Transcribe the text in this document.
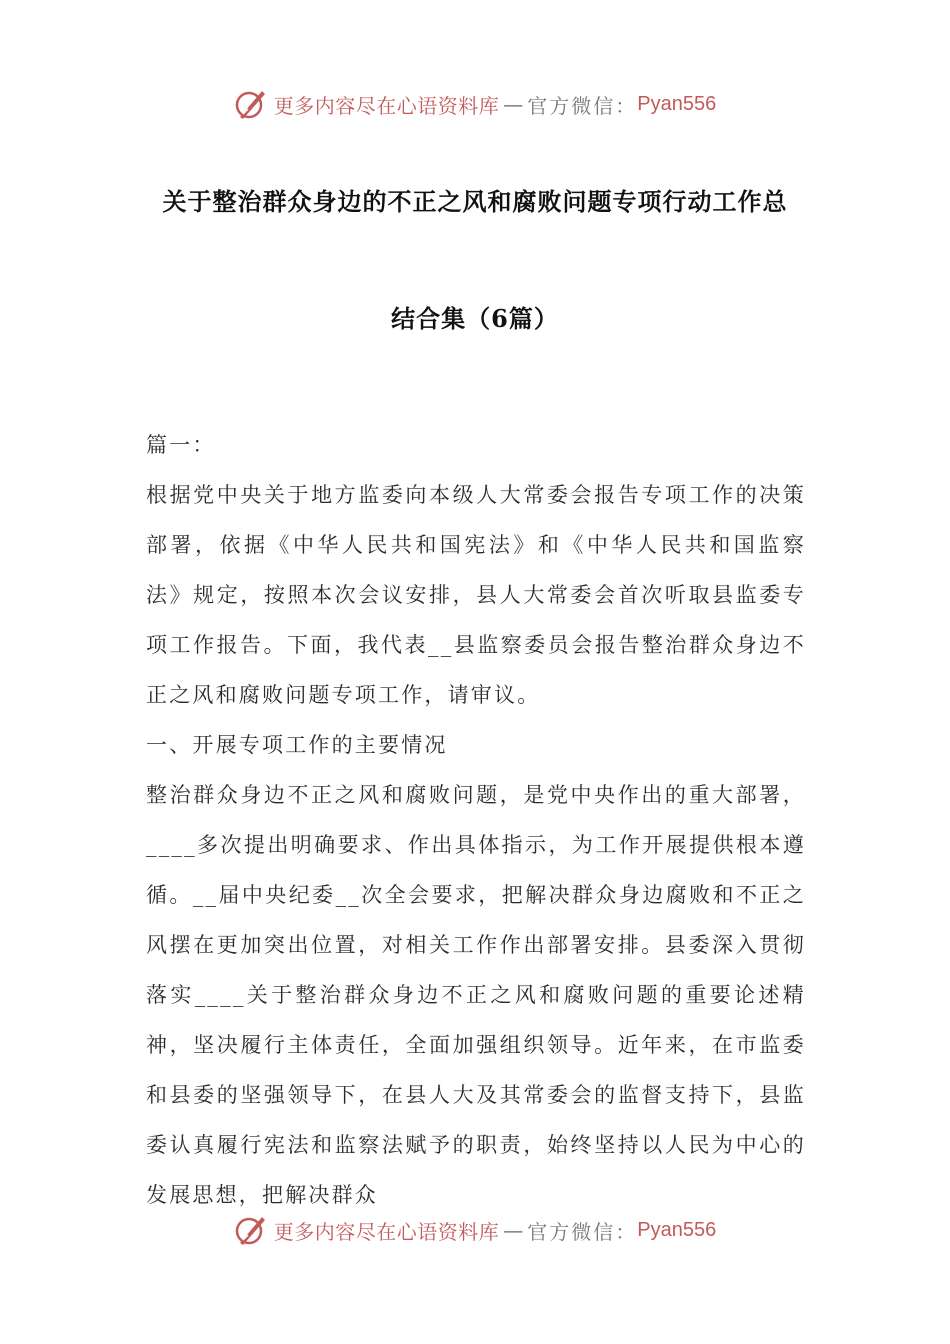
更多内容尽在心语资料库 — 官方微信： Pyan556
关于整治群众身边的不正之风和腐败问题专项行动工作总
结合集（6篇）

篇一：

根据党中央关于地方监委向本级人大常委会报告专项工作的决策部署，依据《中华人民共和国宪法》和《中华人民共和国监察法》规定，按照本次会议安排，县人大常委会首次听取县监委专项工作报告。下面，我代表__县监察委员会报告整治群众身边不正之风和腐败问题专项工作，请审议。

一、开展专项工作的主要情况

整治群众身边不正之风和腐败问题，是党中央作出的重大部署，____多次提出明确要求、作出具体指示，为工作开展提供根本遵循。__届中央纪委__次全会要求，把解决群众身边腐败和不正之风摆在更加突出位置，对相关工作作出部署安排。县委深入贯彻落实____关于整治群众身边不正之风和腐败问题的重要论述精神，坚决履行主体责任，全面加强组织领导。近年来，在市监委和县委的坚强领导下，在县人大及其常委会的监督支持下，县监委认真履行宪法和监察法赋予的职责，始终坚持以人民为中心的发展思想，把解决群众

更多内容尽在心语资料库 — 官方微信： Pyan556
